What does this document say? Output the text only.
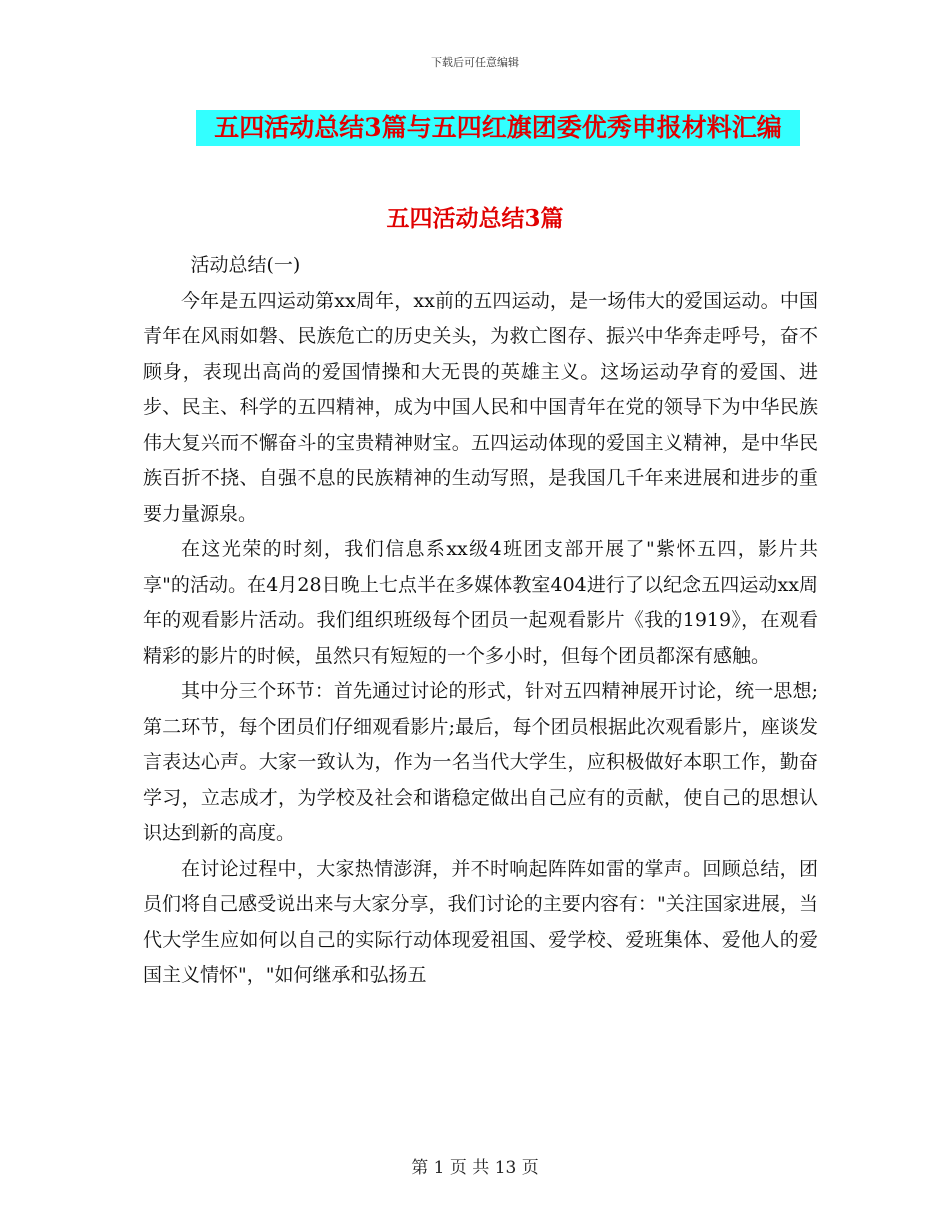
下载后可任意编辑
五四活动总结3篇与五四红旗团委优秀申报材料汇编
五四活动总结3篇

活动总结(一)

今年是五四运动第xx周年，xx前的五四运动，是一场伟大的爱国运动。中国青年在风雨如磐、民族危亡的历史关头，为救亡图存、振兴中华奔走呼号，奋不顾身，表现出高尚的爱国情操和大无畏的英雄主义。这场运动孕育的爱国、进步、民主、科学的五四精神，成为中国人民和中国青年在党的领导下为中华民族伟大复兴而不懈奋斗的宝贵精神财宝。五四运动体现的爱国主义精神，是中华民族百折不挠、自强不息的民族精神的生动写照，是我国几千年来进展和进步的重要力量源泉。

在这光荣的时刻，我们信息系xx级4班团支部开展了"紫怀五四，影片共享"的活动。在4月28日晚上七点半在多媒体教室404进行了以纪念五四运动xx周年的观看影片活动。我们组织班级每个团员一起观看影片《我的1919》，在观看精彩的影片的时候，虽然只有短短的一个多小时，但每个团员都深有感触。

其中分三个环节：首先通过讨论的形式，针对五四精神展开讨论，统一思想;第二环节，每个团员们仔细观看影片;最后，每个团员根据此次观看影片，座谈发言表达心声。大家一致认为，作为一名当代大学生，应积极做好本职工作，勤奋学习，立志成才，为学校及社会和谐稳定做出自己应有的贡献，使自己的思想认识达到新的高度。

在讨论过程中，大家热情澎湃，并不时响起阵阵如雷的掌声。回顾总结，团员们将自己感受说出来与大家分享，我们讨论的主要内容有："关注国家进展，当代大学生应如何以自己的实际行动体现爱祖国、爱学校、爱班集体、爱他人的爱国主义情怀"，"如何继承和弘扬五

第 1 页 共 13 页
